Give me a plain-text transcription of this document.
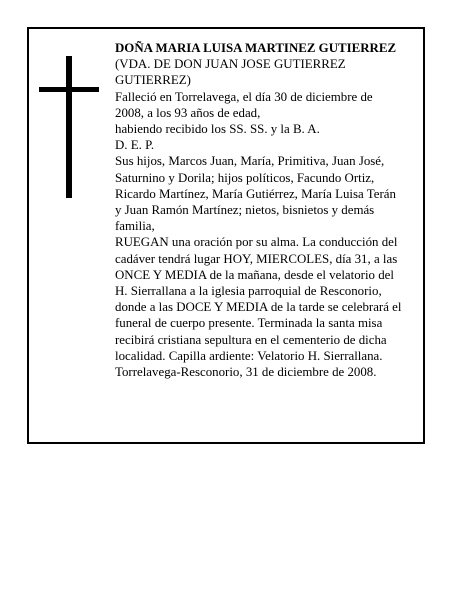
DOÑA MARIA LUISA MARTINEZ GUTIERREZ
(VDA. DE DON JUAN JOSE GUTIERREZ
GUTIERREZ)
Falleció en Torrelavega, el día 30 de diciembre de
2008, a los 93 años de edad,
habiendo recibido los SS. SS. y la B. A.
D. E. P.
Sus hijos, Marcos Juan, María, Primitiva, Juan José,
Saturnino y Dorila; hijos políticos, Facundo Ortiz,
Ricardo Martínez, María Gutiérrez, María Luisa Terán
y Juan Ramón Martínez; nietos, bisnietos y demás
familia,
RUEGAN una oración por su alma. La conducción del
cadáver tendrá lugar HOY, MIERCOLES, día 31, a las
ONCE Y MEDIA de la mañana, desde el velatorio del
H. Sierrallana a la iglesia parroquial de Resconorio,
donde a las DOCE Y MEDIA de la tarde se celebrará el
funeral de cuerpo presente. Terminada la santa misa
recibirá cristiana sepultura en el cementerio de dicha
localidad. Capilla ardiente: Velatorio H. Sierrallana.
Torrelavega-Resconorio, 31 de diciembre de 2008.
